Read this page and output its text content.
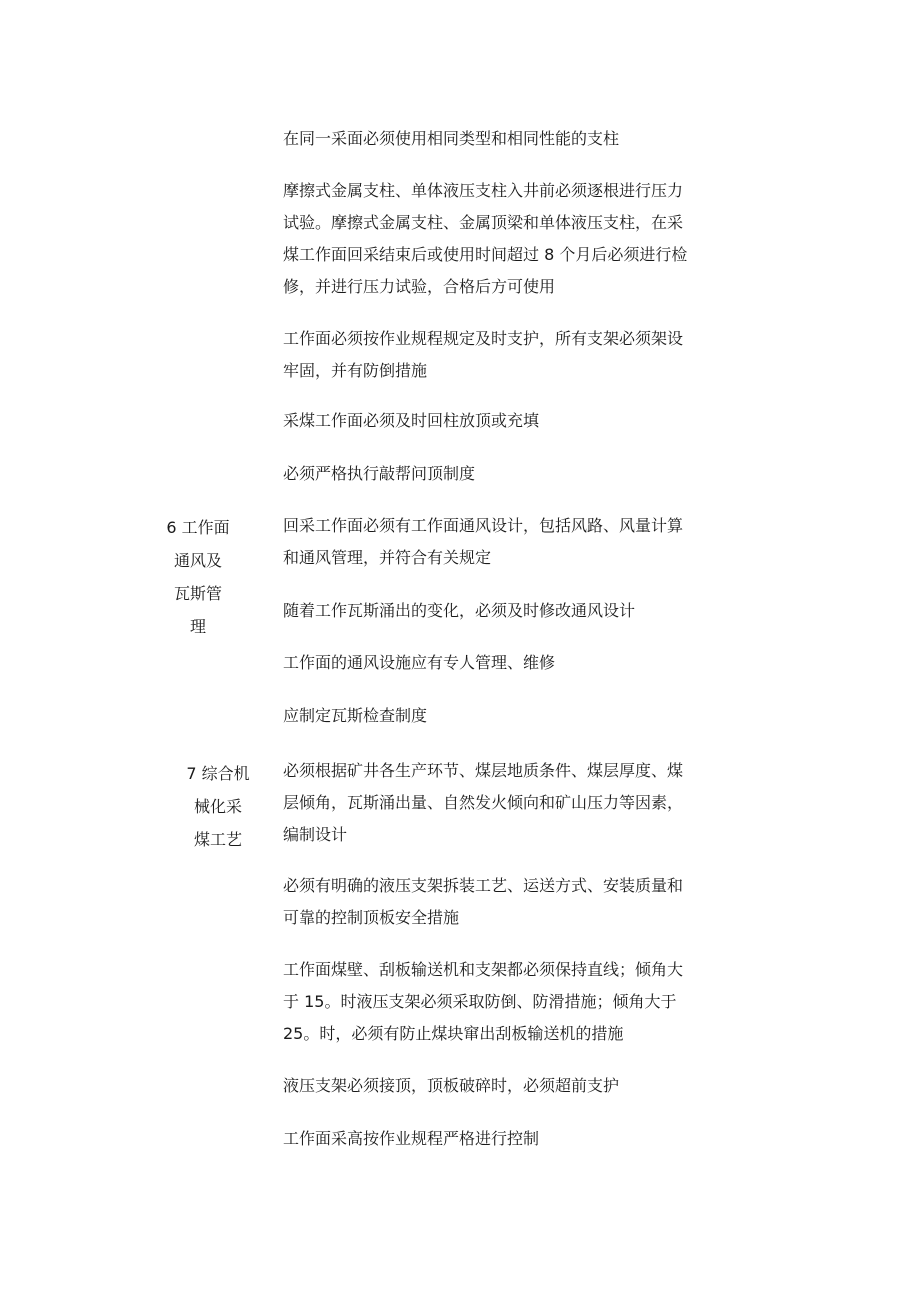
在同一采面必须使用相同类型和相同性能的支柱

摩擦式金属支柱、单体液压支柱入井前必须逐根进行压力
试验。摩擦式金属支柱、金属顶梁和单体液压支柱，在采
煤工作面回采结束后或使用时间超过 8 个月后必须进行检
修，并进行压力试验，合格后方可使用

工作面必须按作业规程规定及时支护，所有支架必须架设
牢固，并有防倒措施

采煤工作面必须及时回柱放顶或充填

必须严格执行敲帮问顶制度

6 工作面
通风及
瓦斯管
理

回采工作面必须有工作面通风设计，包括风路、风量计算
和通风管理，并符合有关规定

随着工作瓦斯涌出的变化，必须及时修改通风设计

工作面的通风设施应有专人管理、维修

应制定瓦斯检查制度

7 综合机
械化采
煤工艺

必须根据矿井各生产环节、煤层地质条件、煤层厚度、煤
层倾角，瓦斯涌出量、自然发火倾向和矿山压力等因素，
编制设计

必须有明确的液压支架拆装工艺、运送方式、安装质量和
可靠的控制顶板安全措施

工作面煤壁、刮板输送机和支架都必须保持直线；倾角大
于 15。时液压支架必须采取防倒、防滑措施；倾角大于
25。时，必须有防止煤块窜出刮板输送机的措施

液压支架必须接顶，顶板破碎时，必须超前支护

工作面采高按作业规程严格进行控制
